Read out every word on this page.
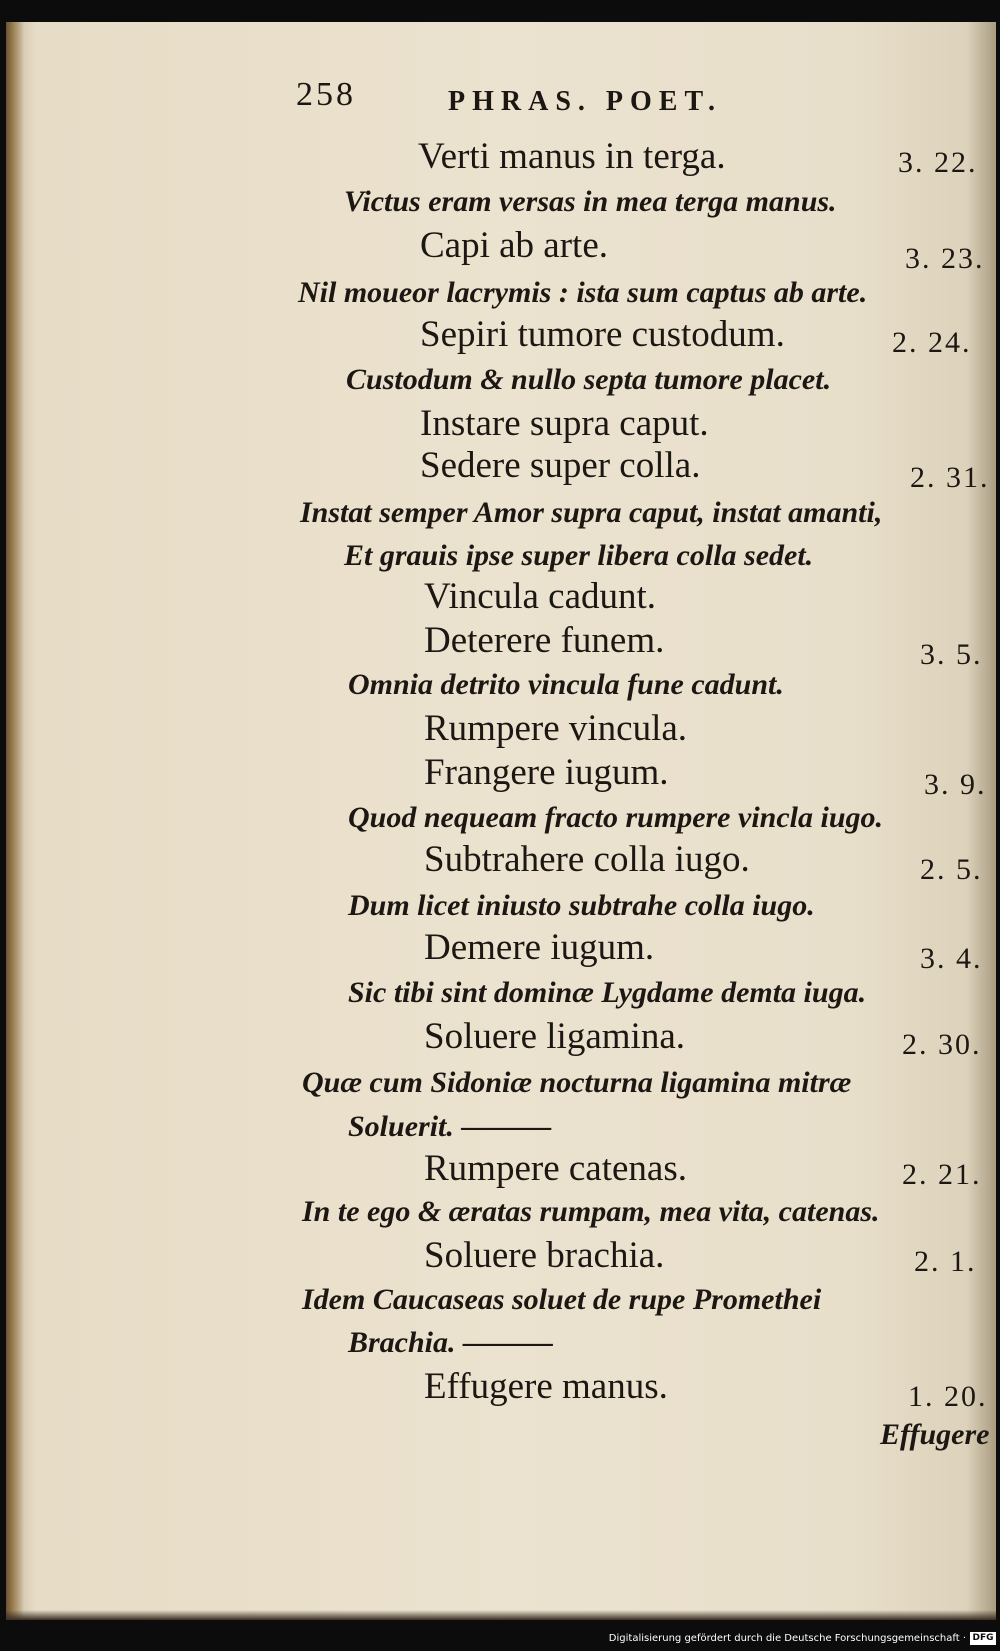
258	PHRAS. POET.
Verti manus in terga.	3. 22.
Victus eram versas in mea terga manus.
Capi ab arte.	3. 23.
Nil moueor lacrymis : ista sum captus ab arte.
Sepiri tumore custodum.	2. 24.
Custodum & nullo septa tumore placet.
Instare supra caput.
Sedere super colla.	2. 31.
Instat semper Amor supra caput, instat amanti,
Et grauis ipse super libera colla sedet.
Vincula cadunt.
Deterere funem.	3. 5.
Omnia detrito vincula fune cadunt.
Rumpere vincula.
Frangere iugum.	3. 9.
Quod nequeam fracto rumpere vincla iugo.
Subtrahere colla iugo.	2. 5.
Dum licet iniusto subtrahe colla iugo.
Demere iugum.	3. 4.
Sic tibi sint dominæ Lygdame demta iuga.
Soluere ligamina.	2. 30.
Quæ cum Sidoniæ nocturna ligamina mitræ
Soluerit. ———
Rumpere catenas.	2. 21.
In te ego & æratas rumpam, mea vita, catenas.
Soluere brachia.	2. 1.
Idem Caucaseas soluet de rupe Promethei
Brachia. ———
Effugere manus.	1. 20.
Effugere
Digitalisierung gefördert durch die Deutsche Forschungsgemeinschaft · DFG
